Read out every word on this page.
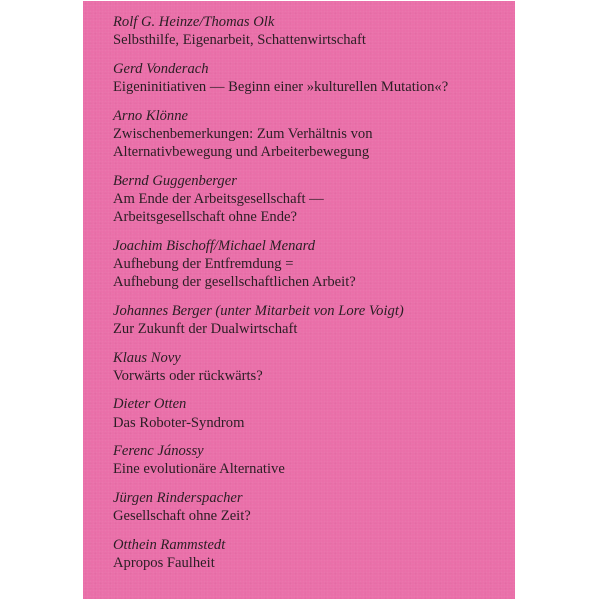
Rolf G. Heinze/Thomas Olk
Selbsthilfe, Eigenarbeit, Schattenwirtschaft
Gerd Vonderach
Eigeninitiativen — Beginn einer »kulturellen Mutation«?
Arno Klönne
Zwischenbemerkungen: Zum Verhältnis von
Alternativbewegung und Arbeiterbewegung
Bernd Guggenberger
Am Ende der Arbeitsgesellschaft —
Arbeitsgesellschaft ohne Ende?
Joachim Bischoff/Michael Menard
Aufhebung der Entfremdung =
Aufhebung der gesellschaftlichen Arbeit?
Johannes Berger (unter Mitarbeit von Lore Voigt)
Zur Zukunft der Dualwirtschaft
Klaus Novy
Vorwärts oder rückwärts?
Dieter Otten
Das Roboter-Syndrom
Ferenc Jánossy
Eine evolutionäre Alternative
Jürgen Rinderspacher
Gesellschaft ohne Zeit?
Otthein Rammstedt
Apropos Faulheit
